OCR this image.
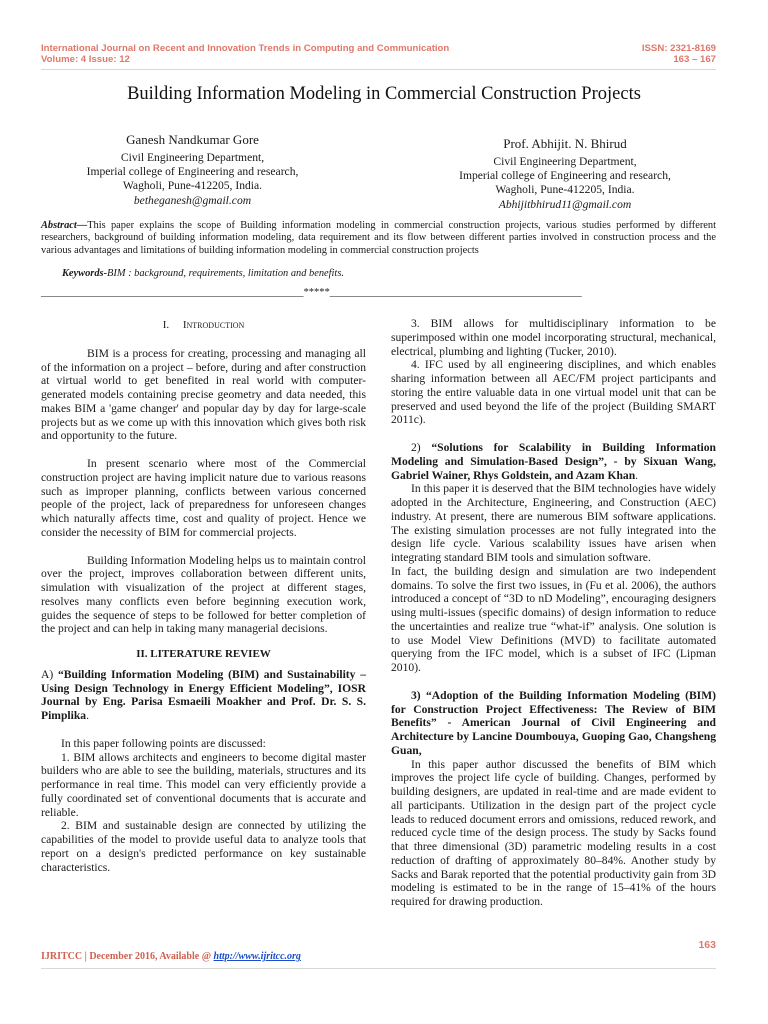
International Journal on Recent and Innovation Trends in Computing and Communication
Volume: 4 Issue: 12
ISSN: 2321-8169
163 – 167
Building Information Modeling in Commercial Construction Projects
Ganesh Nandkumar Gore
Civil Engineering Department,
Imperial college of Engineering and research,
Wagholi, Pune-412205, India.
betheganesh@gmail.com
Prof. Abhijit. N. Bhirud
Civil Engineering Department,
Imperial college of Engineering and research,
Wagholi, Pune-412205, India.
Abhijitbhirud11@gmail.com
Abstract—This paper explains the scope of Building information modeling in commercial construction projects, various studies performed by different researchers, background of building information modeling, data requirement and its flow between different parties involved in construction process and the various advantages and limitations of building information modeling in commercial construction projects
Keywords-BIM : background, requirements, limitation and benefits.
__________________________________________________*****________________________________________________

I. Introduction

BIM is a process for creating, processing and managing all of the information on a project – before, during and after construction at virtual world to get benefited in real world with computer-generated models containing precise geometry and data needed, this makes BIM a 'game changer' and popular day by day for large-scale projects but as we come up with this innovation which gives both risk and opportunity to the future.

In present scenario where most of the Commercial construction project are having implicit nature due to various reasons such as improper planning, conflicts between various concerned people of the project, lack of preparedness for unforeseen changes which naturally affects time, cost and quality of project. Hence we consider the necessity of BIM for commercial projects.

Building Information Modeling helps us to maintain control over the project, improves collaboration between different units, simulation with visualization of the project at different stages, resolves many conflicts even before beginning execution work, guides the sequence of steps to be followed for better completion of the project and can help in taking many managerial decisions.

II. LITERATURE REVIEW

A) “Building Information Modeling (BIM) and Sustainability – Using Design Technology in Energy Efficient Modeling”, IOSR Journal by Eng. Parisa Esmaeili Moakher and Prof. Dr. S. S. Pimplika.

In this paper following points are discussed:

1. BIM allows architects and engineers to become digital master builders who are able to see the building, materials, structures and its performance in real time. This model can very efficiently provide a fully coordinated set of conventional documents that is accurate and reliable.

2. BIM and sustainable design are connected by utilizing the capabilities of the model to provide useful data to analyze tools that report on a design's predicted performance on key sustainable characteristics.

3. BIM allows for multidisciplinary information to be superimposed within one model incorporating structural, mechanical, electrical, plumbing and lighting (Tucker, 2010).

4. IFC used by all engineering disciplines, and which enables sharing information between all AEC/FM project participants and storing the entire valuable data in one virtual model unit that can be preserved and used beyond the life of the project (Building SMART 2011c).

2) “Solutions for Scalability in Building Information Modeling and Simulation-Based Design”, - by Sixuan Wang, Gabriel Wainer, Rhys Goldstein, and Azam Khan.

In this paper it is deserved that the BIM technologies have widely adopted in the Architecture, Engineering, and Construction (AEC) industry. At present, there are numerous BIM software applications. The existing simulation processes are not fully integrated into the design life cycle. Various scalability issues have arisen when integrating standard BIM tools and simulation software.

In fact, the building design and simulation are two independent domains. To solve the first two issues, in (Fu et al. 2006), the authors introduced a concept of “3D to nD Modeling”, encouraging designers using multi-issues (specific domains) of design information to reduce the uncertainties and realize true “what-if” analysis. One solution is to use Model View Definitions (MVD) to facilitate automated querying from the IFC model, which is a subset of IFC (Lipman 2010).

3) “Adoption of the Building Information Modeling (BIM) for Construction Project Effectiveness: The Review of BIM Benefits” - American Journal of Civil Engineering and Architecture by Lancine Doumbouya, Guoping Gao, Changsheng Guan,

In this paper author discussed the benefits of BIM which improves the project life cycle of building. Changes, performed by building designers, are updated in real-time and are made evident to all participants. Utilization in the design part of the project cycle leads to reduced document errors and omissions, reduced rework, and reduced cycle time of the design process. The study by Sacks found that three dimensional (3D) parametric modeling results in a cost reduction of drafting of approximately 80–84%. Another study by Sacks and Barak reported that the potential productivity gain from 3D modeling is estimated to be in the range of 15–41% of the hours required for drawing production.

163
IJRITCC | December 2016, Available @ http://www.ijritcc.org
